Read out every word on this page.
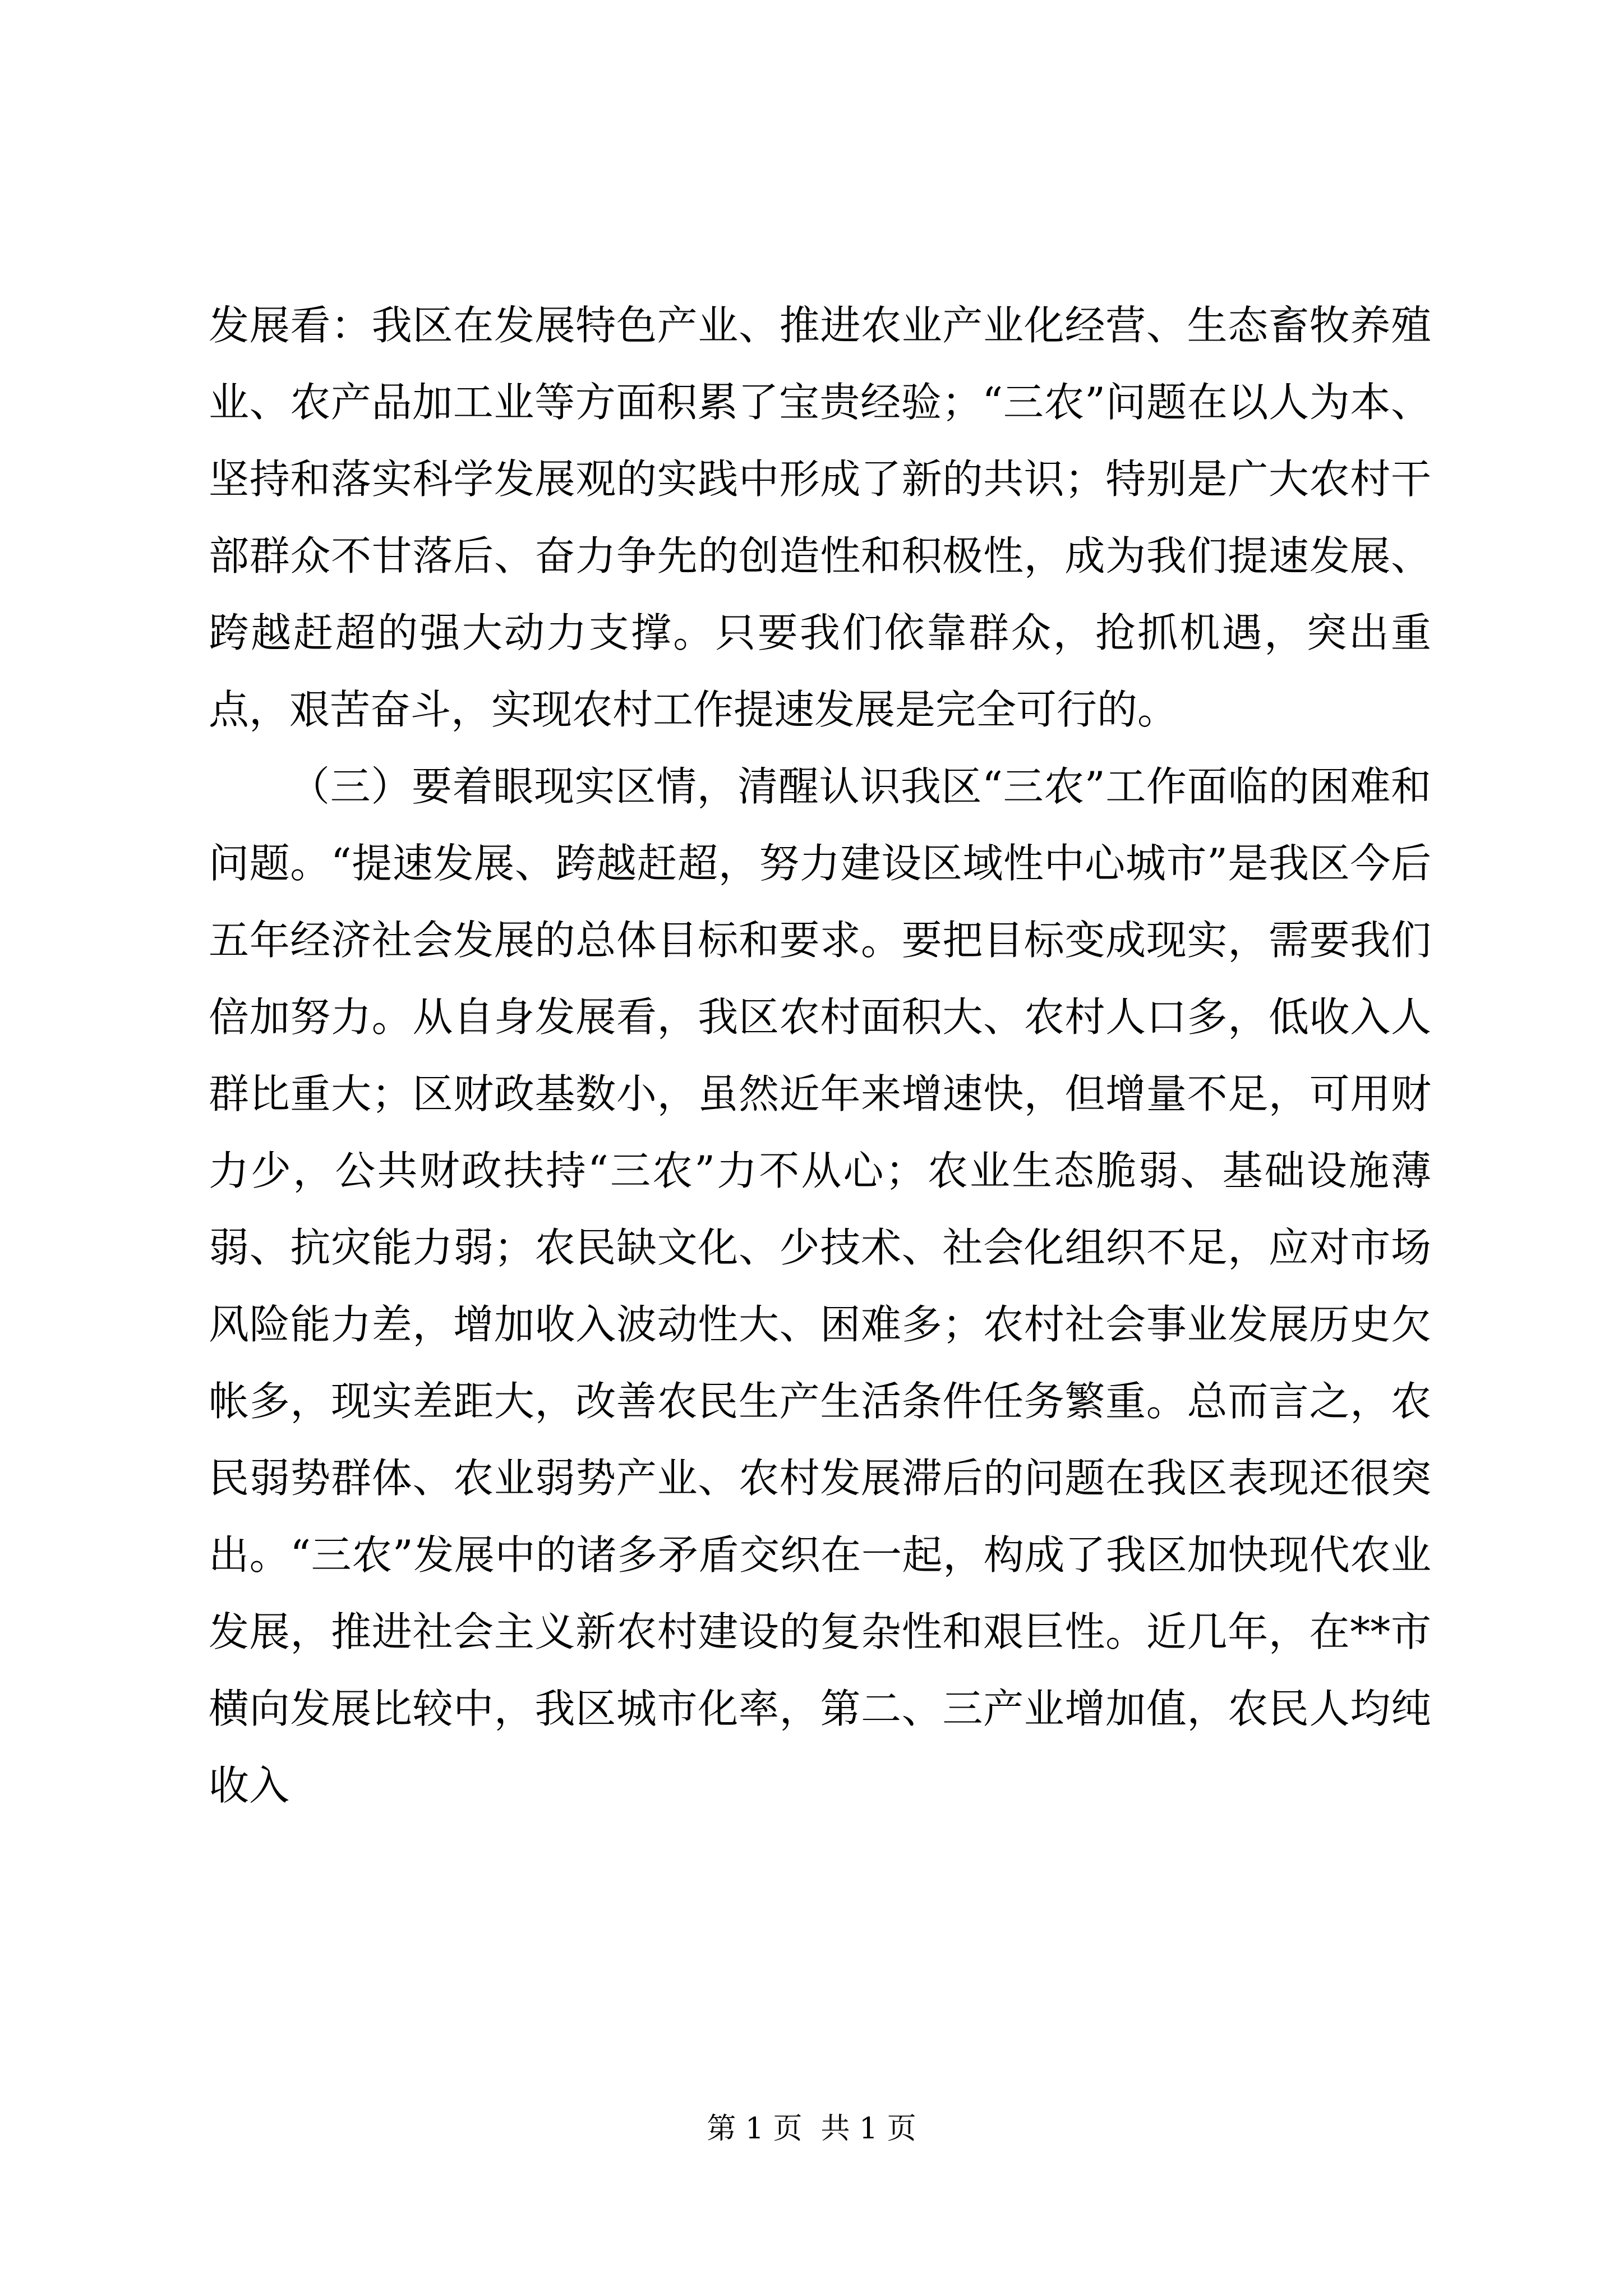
发展看：我区在发展特色产业、推进农业产业化经营、生态畜牧养殖业、农产品加工业等方面积累了宝贵经验；“三农”问题在以人为本、坚持和落实科学发展观的实践中形成了新的共识；特别是广大农村干部群众不甘落后、奋力争先的创造性和积极性，成为我们提速发展、跨越赶超的强大动力支撑。只要我们依靠群众，抢抓机遇，突出重点，艰苦奋斗，实现农村工作提速发展是完全可行的。

（三）要着眼现实区情，清醒认识我区“三农”工作面临的困难和问题。“提速发展、跨越赶超，努力建设区域性中心城市”是我区今后五年经济社会发展的总体目标和要求。要把目标变成现实，需要我们倍加努力。从自身发展看，我区农村面积大、农村人口多，低收入人群比重大；区财政基数小，虽然近年来增速快，但增量不足，可用财力少，公共财政扶持“三农”力不从心；农业生态脆弱、基础设施薄弱、抗灾能力弱；农民缺文化、少技术、社会化组织不足，应对市场风险能力差，增加收入波动性大、困难多；农村社会事业发展历史欠帐多，现实差距大，改善农民生产生活条件任务繁重。总而言之，农民弱势群体、农业弱势产业、农村发展滞后的问题在我区表现还很突出。“三农”发展中的诸多矛盾交织在一起，构成了我区加快现代农业发展，推进社会主义新农村建设的复杂性和艰巨性。近几年，在**市横向发展比较中，我区城市化率，第二、三产业增加值，农民人均纯收入

第 1 页  共 1 页
